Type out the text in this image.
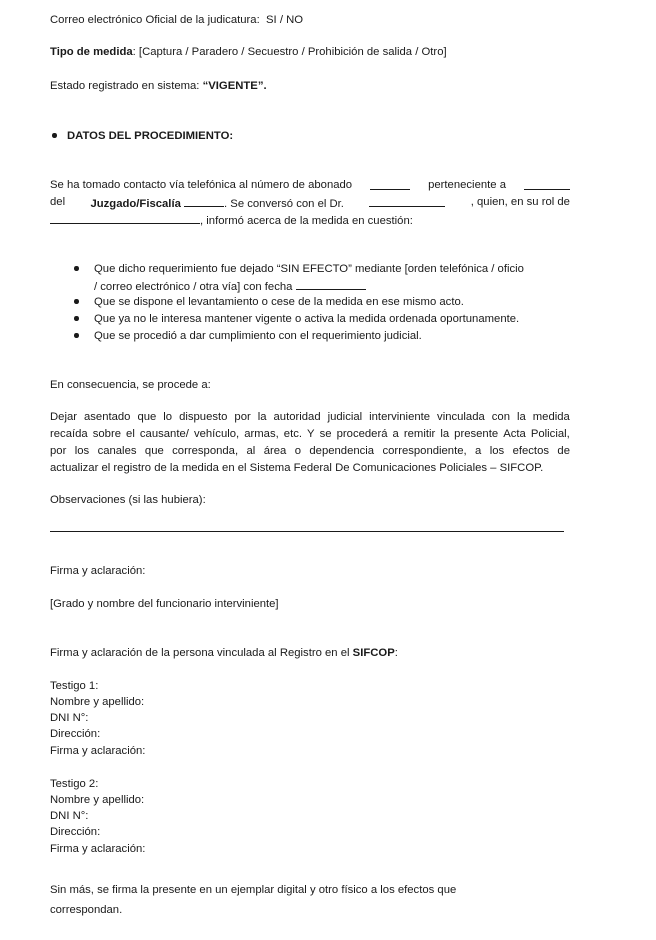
Correo electrónico Oficial de la judicatura: SI / NO
Tipo de medida: [Captura / Paradero / Secuestro / Prohibición de salida / Otro]
Estado registrado en sistema: “VIGENTE”.
DATOS DEL PROCEDIMIENTO:
Se ha tomado contacto vía telefónica al número de abonado	perteneciente a
del Juzgado/Fiscalía	. Se conversó con el Dr.	, quien, en su rol de
, informó acerca de la medida en cuestión:
Que dicho requerimiento fue dejado “SIN EFECTO” mediante [orden telefónica / oficio
/ correo electrónico / otra vía] con fecha
Que se dispone el levantamiento o cese de la medida en ese mismo acto.
Que ya no le interesa mantener vigente o activa la medida ordenada oportunamente.
Que se procedió a dar cumplimiento con el requerimiento judicial.
En consecuencia, se procede a:
Dejar asentado que lo dispuesto por la autoridad judicial interviniente vinculada con la medida
recaída sobre el causante/ vehículo, armas, etc. Y se procederá a remitir la presente Acta Policial,
por los canales que corresponda, al área o dependencia correspondiente, a los efectos de
actualizar el registro de la medida en el Sistema Federal De Comunicaciones Policiales – SIFCOP.
Observaciones (si las hubiera):
Firma y aclaración:
[Grado y nombre del funcionario interviniente]
Firma y aclaración de la persona vinculada al Registro en el SIFCOP:
Testigo 1:
Nombre y apellido:
DNI N°:
Dirección:
Firma y aclaración:
Testigo 2:
Nombre y apellido:
DNI N°:
Dirección:
Firma y aclaración:
Sin más, se firma la presente en un ejemplar digital y otro físico a los efectos que
correspondan.
